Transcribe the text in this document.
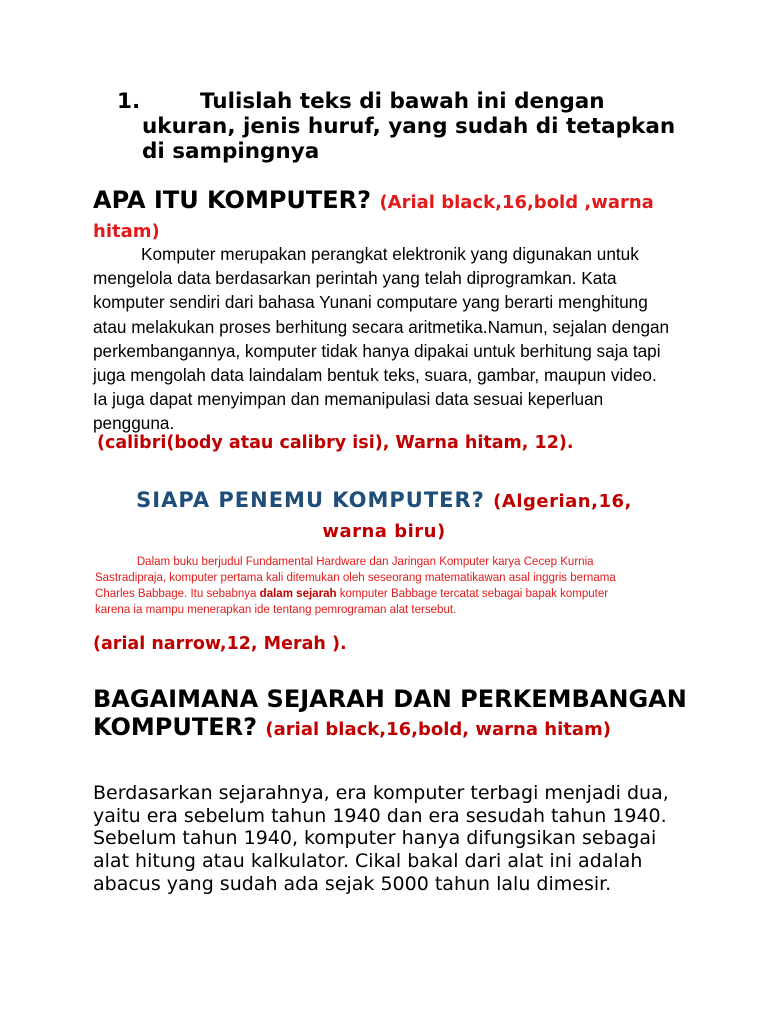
1.	Tulislah teks di bawah ini dengan ukuran, jenis huruf, yang sudah di tetapkan di sampingnya
APA ITU KOMPUTER? (Arial black,16,bold ,warna
hitam)

Komputer merupakan perangkat elektronik yang digunakan untuk mengelola data berdasarkan perintah yang telah diprogramkan. Kata komputer sendiri dari bahasa Yunani computare yang berarti menghitung atau melakukan proses berhitung secara aritmetika.Namun, sejalan dengan perkembangannya, komputer tidak hanya dipakai untuk berhitung saja tapi juga mengolah data laindalam bentuk teks, suara, gambar, maupun video. Ia juga dapat menyimpan dan memanipulasi data sesuai keperluan pengguna.

(calibri(body atau calibry isi), Warna hitam, 12).
SIAPA PENEMU KOMPUTER? (Algerian,16,
warna biru)

Dalam buku berjudul Fundamental Hardware dan Jaringan Komputer karya Cecep Kurnia Sastradipraja, komputer pertama kali ditemukan oleh seseorang matematikawan asal inggris bernama Charles Babbage. Itu sebabnya dalam sejarah komputer Babbage tercatat sebagai bapak komputer karena ia mampu menerapkan ide tentang pemrograman alat tersebut.

(arial narrow,12, Merah ).
BAGAIMANA SEJARAH DAN PERKEMBANGAN KOMPUTER? (arial black,16,bold, warna hitam)

Berdasarkan sejarahnya, era komputer terbagi menjadi dua, yaitu era sebelum tahun 1940 dan era sesudah tahun 1940. Sebelum tahun 1940, komputer hanya difungsikan sebagai alat hitung atau kalkulator. Cikal bakal dari alat ini adalah abacus yang sudah ada sejak 5000 tahun lalu dimesir.
